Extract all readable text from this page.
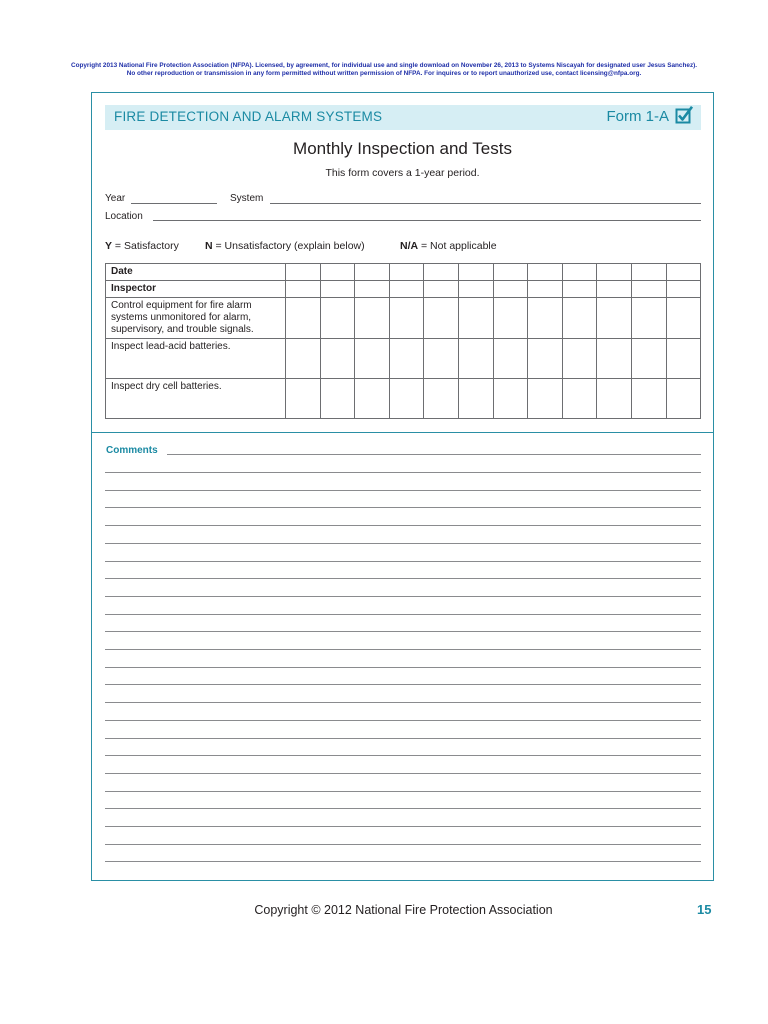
Copyright 2013 National Fire Protection Association (NFPA). Licensed, by agreement, for individual use and single download on November 26, 2013 to Systems Niscayah for designated user Jesus Sanchez).
No other reproduction or transmission in any form permitted without written permission of NFPA. For inquires or to report unauthorized use, contact licensing@nfpa.org.
FIRE DETECTION AND ALARM SYSTEMS	Form 1-A
Monthly Inspection and Tests
This form covers a 1-year period.
Year	System
Location
Y = Satisfactory N = Unsatisfactory (explain below)	N/A = Not applicable
Date												
Inspector												
Control equipment for fire alarm systems unmonitored for alarm, supervisory, and trouble signals.												
Inspect lead-acid batteries.												
Inspect dry cell batteries.												
Comments
Copyright © 2012 National Fire Protection Association	15
